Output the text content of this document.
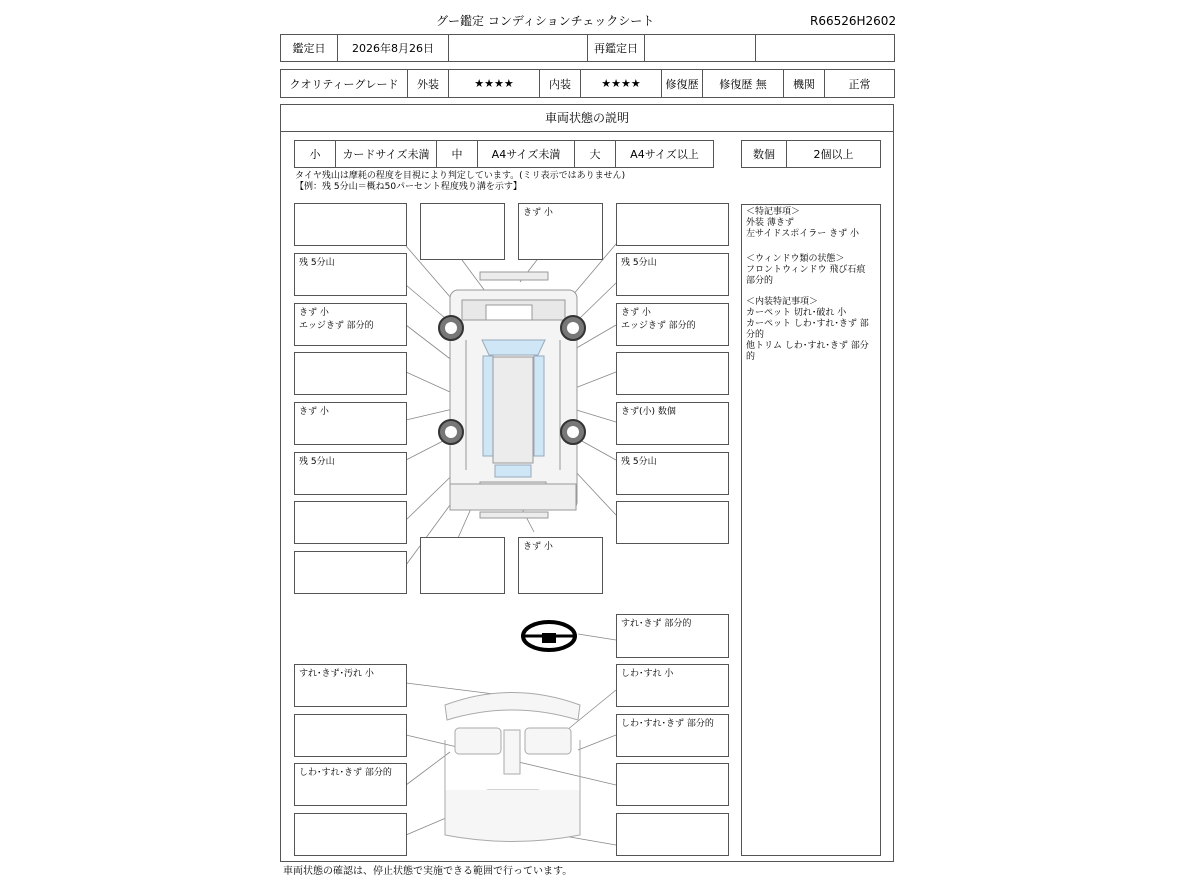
グー鑑定 コンディションチェックシート	R66526H2602
鑑定日	2026年8月26日		再鑑定日		
クオリティーグレード	外装	★★★★	内装	★★★★	修復歴	修復歴 無	機関	正常
車両状態の説明
小	カードサイズ未満	中	A4サイズ未満	大	A4サイズ以上	数個	2個以上
タイヤ残山は摩耗の程度を目視により判定しています。(ミリ表示ではありません)
【例：残 5分山＝概ね50パーセント程度残り溝を示す】
きず 小
残 5分山	残 5分山
きず 小
エッジきず 部分的
きず 小
エッジきず 部分的
きず 小	きず(小) 数個
残 5分山	残 5分山
きず 小
すれ･きず 部分的
すれ･きず･汚れ 小	しわ･すれ 小
しわ･すれ･きず 部分的
しわ･すれ･きず 部分的
＜特記事項＞
外装 薄きず
左サイドスポイラー きず 小
＜ウィンドウ類の状態＞
フロントウィンドウ 飛び石痕 部分的
＜内装特記事項＞
カーペット 切れ･破れ 小
カーペット しわ･すれ･きず 部分的
他トリム しわ･すれ･きず 部分的
車両状態の確認は、停止状態で実施できる範囲で行っています。
